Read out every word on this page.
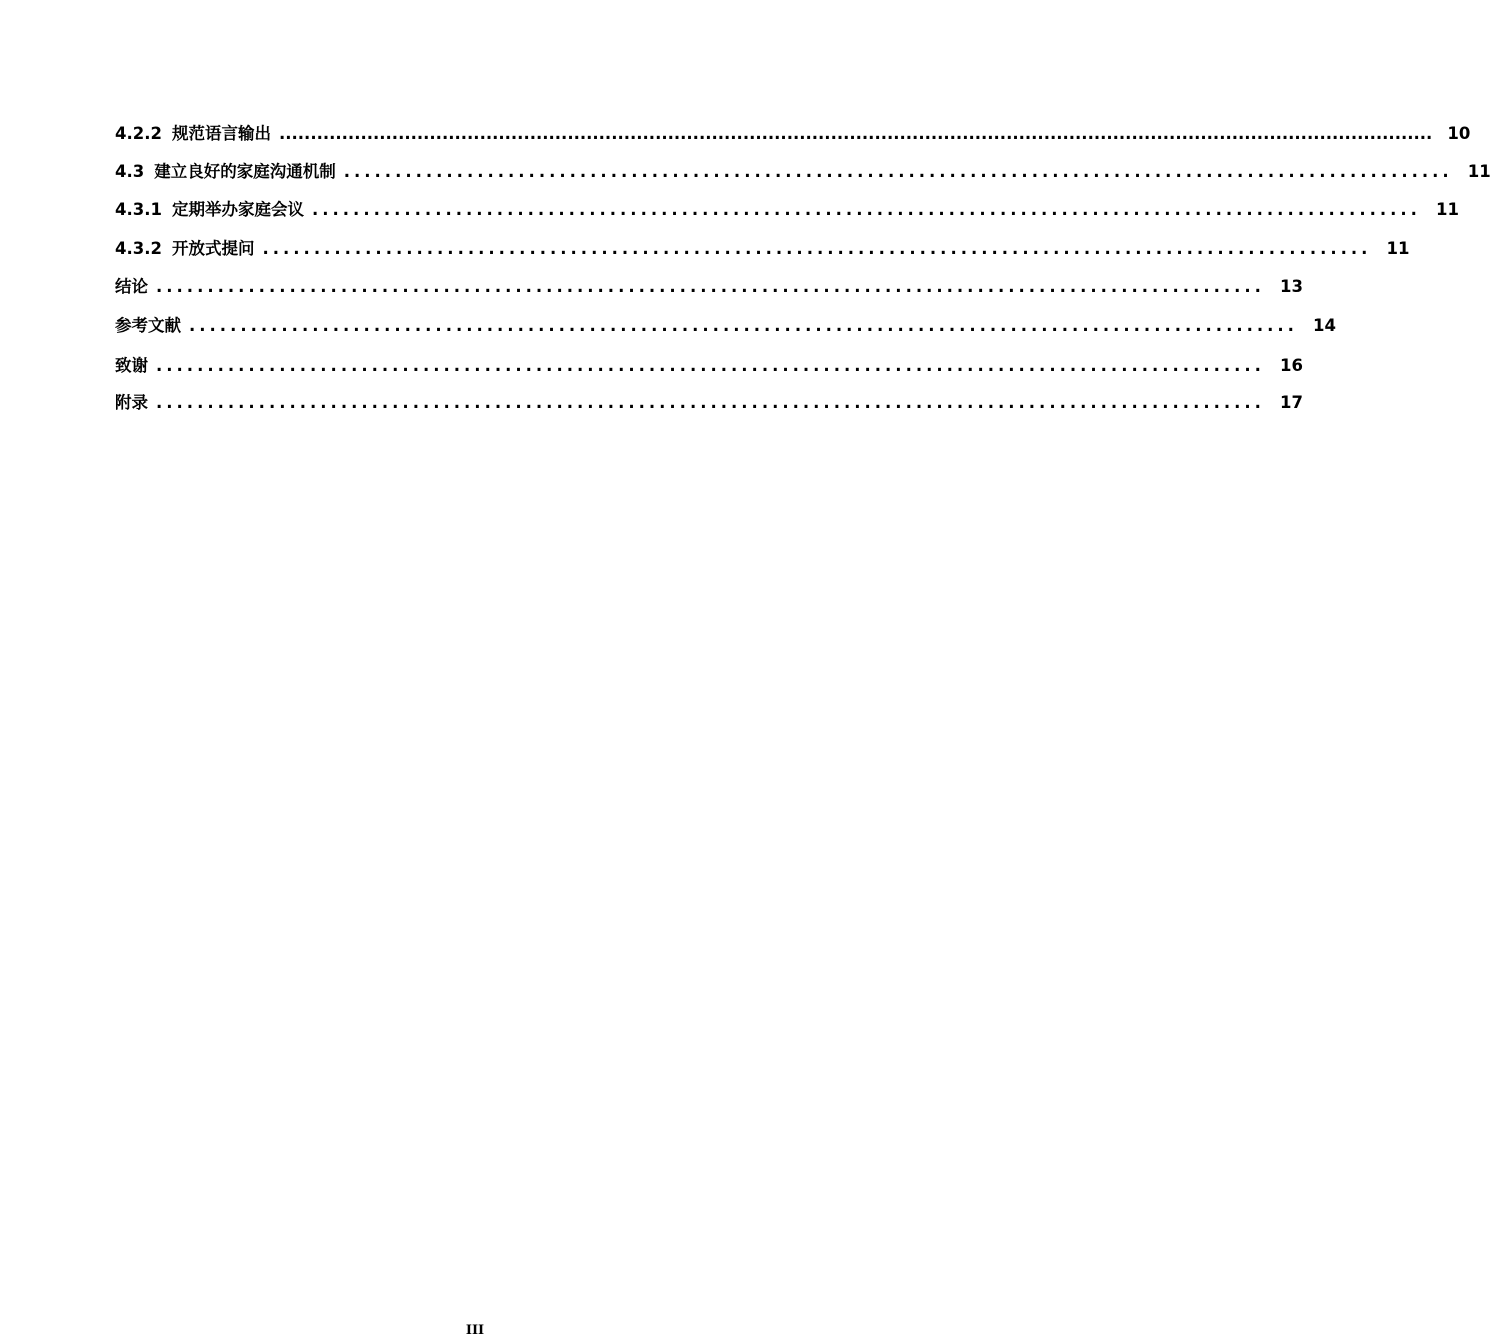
4.2.2 规范语言输出 ........................................................................................................................................................................................ 10
4.3 建立良好的家庭沟通机制 ............................................................................................................ 11
4.3.1 定期举办家庭会议 ............................................................................................................ 11
4.3.2 开放式提问 ............................................................................................................ 11
结论 ............................................................................................................ 13
参考文献 ............................................................................................................ 14
致谢 ............................................................................................................ 16
附录 ............................................................................................................ 17
III
